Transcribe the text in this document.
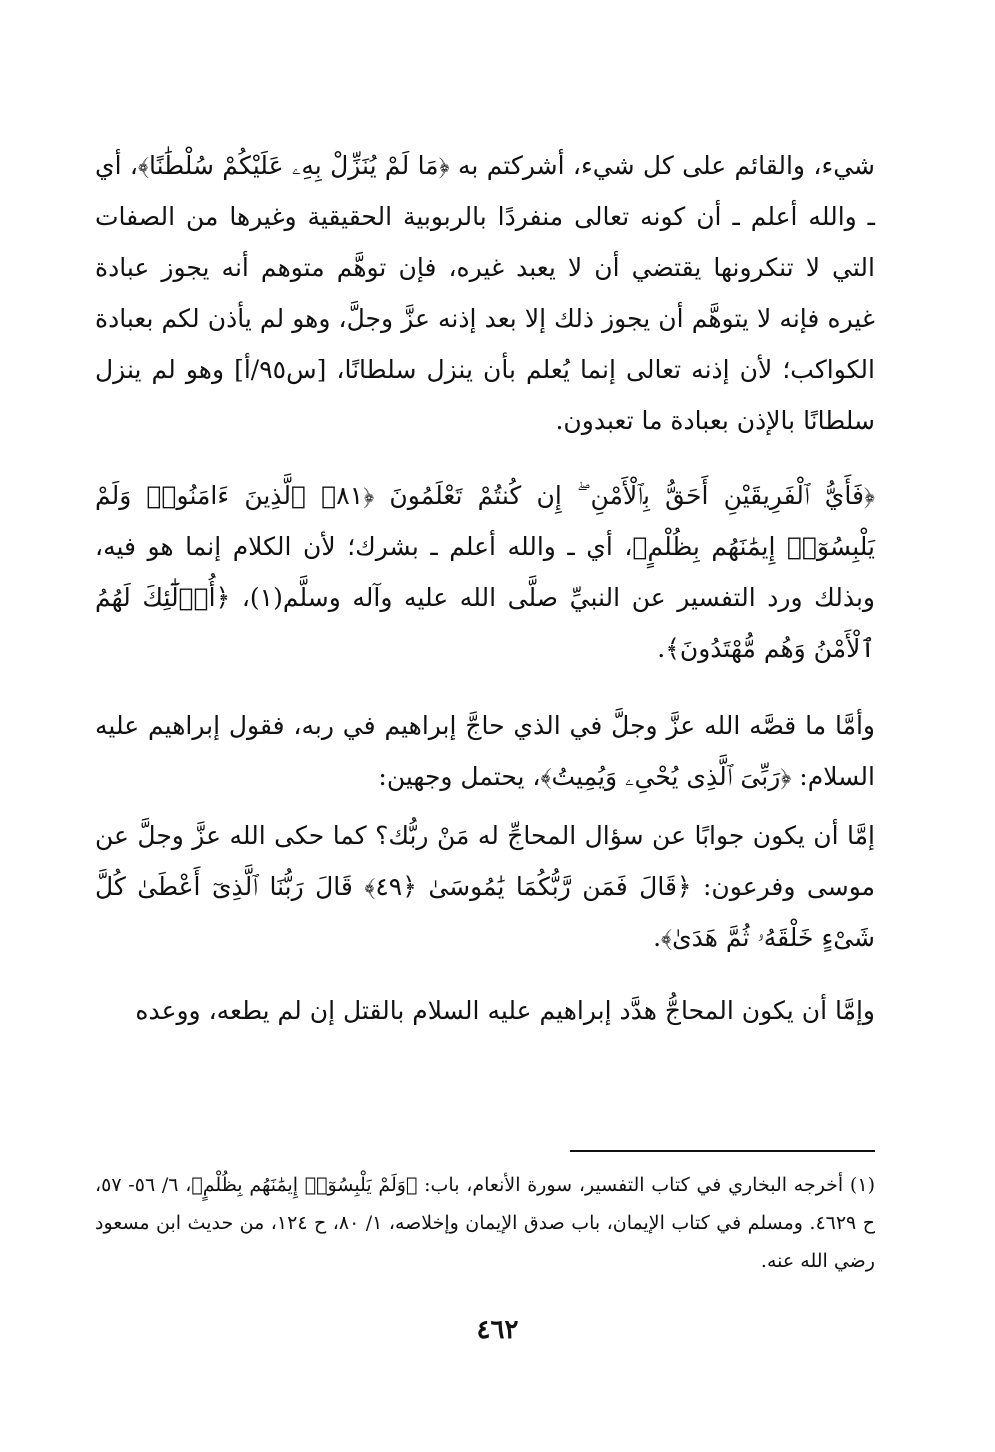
شيء، والقائم على كل شيء، أشركتم به ﴿مَا لَمْ يُنَزِّلْ بِهِۦ عَلَيْكُمْ سُلْطَٰنًا﴾، أي ـ والله أعلم ـ أن كونه تعالى منفردًا بالربوبية الحقيقية وغيرها من الصفات التي لا تنكرونها يقتضي أن لا يعبد غيره، فإن توهَّم متوهم أنه يجوز عبادة غيره فإنه لا يتوهَّم أن يجوز ذلك إلا بعد إذنه عزَّ وجلَّ، وهو لم يأذن لكم بعبادة الكواكب؛ لأن إذنه تعالى إنما يُعلم بأن ينزل سلطانًا، [س٩٥/أ] وهو لم ينزل سلطانًا بالإذن بعبادة ما تعبدون.

﴿فَأَيُّ ٱلْفَرِيقَيْنِ أَحَقُّ بِٱلْأَمْنِ ۖ إِن كُنتُمْ تَعْلَمُونَ ﴿٨١﴾ ٱلَّذِينَ ءَامَنُوا۟ وَلَمْ يَلْبِسُوٓا۟ إِيمَٰنَهُم بِظُلْمٍ﴾، أي ـ والله أعلم ـ بشرك؛ لأن الكلام إنما هو فيه، وبذلك ورد التفسير عن النبيِّ صلَّى الله عليه وآله وسلَّم(١)، ﴿أُو۟لَٰٓئِكَ لَهُمُ ٱلْأَمْنُ وَهُم مُّهْتَدُونَ﴾.

وأمَّا ما قصَّه الله عزَّ وجلَّ في الذي حاجَّ إبراهيم في ربه، فقول إبراهيم عليه السلام: ﴿رَبِّىَ ٱلَّذِى يُحْىِۦ وَيُمِيتُ﴾، يحتمل وجهين:

إمَّا أن يكون جوابًا عن سؤال المحاجِّ له مَنْ ربُّك؟ كما حكى الله عزَّ وجلَّ عن موسى وفرعون: ﴿قَالَ فَمَن رَّبُّكُمَا يَٰمُوسَىٰ ﴿٤٩﴾ قَالَ رَبُّنَا ٱلَّذِىٓ أَعْطَىٰ كُلَّ شَىْءٍ خَلْقَهُۥ ثُمَّ هَدَىٰ﴾.

وإمَّا أن يكون المحاجُّ هدَّد إبراهيم عليه السلام بالقتل إن لم يطعه، ووعده

(١) أخرجه البخاري في كتاب التفسير، سورة الأنعام، باب: ﴿وَلَمْ يَلْبِسُوٓا۟ إِيمَٰنَهُم بِظُلْمٍ﴾، ٦/ ٥٦- ٥٧، ح ٤٦٢٩. ومسلم في كتاب الإيمان، باب صدق الإيمان وإخلاصه، ١/ ٨٠، ح ١٢٤، من حديث ابن مسعود رضي الله عنه.

٤٦٢
